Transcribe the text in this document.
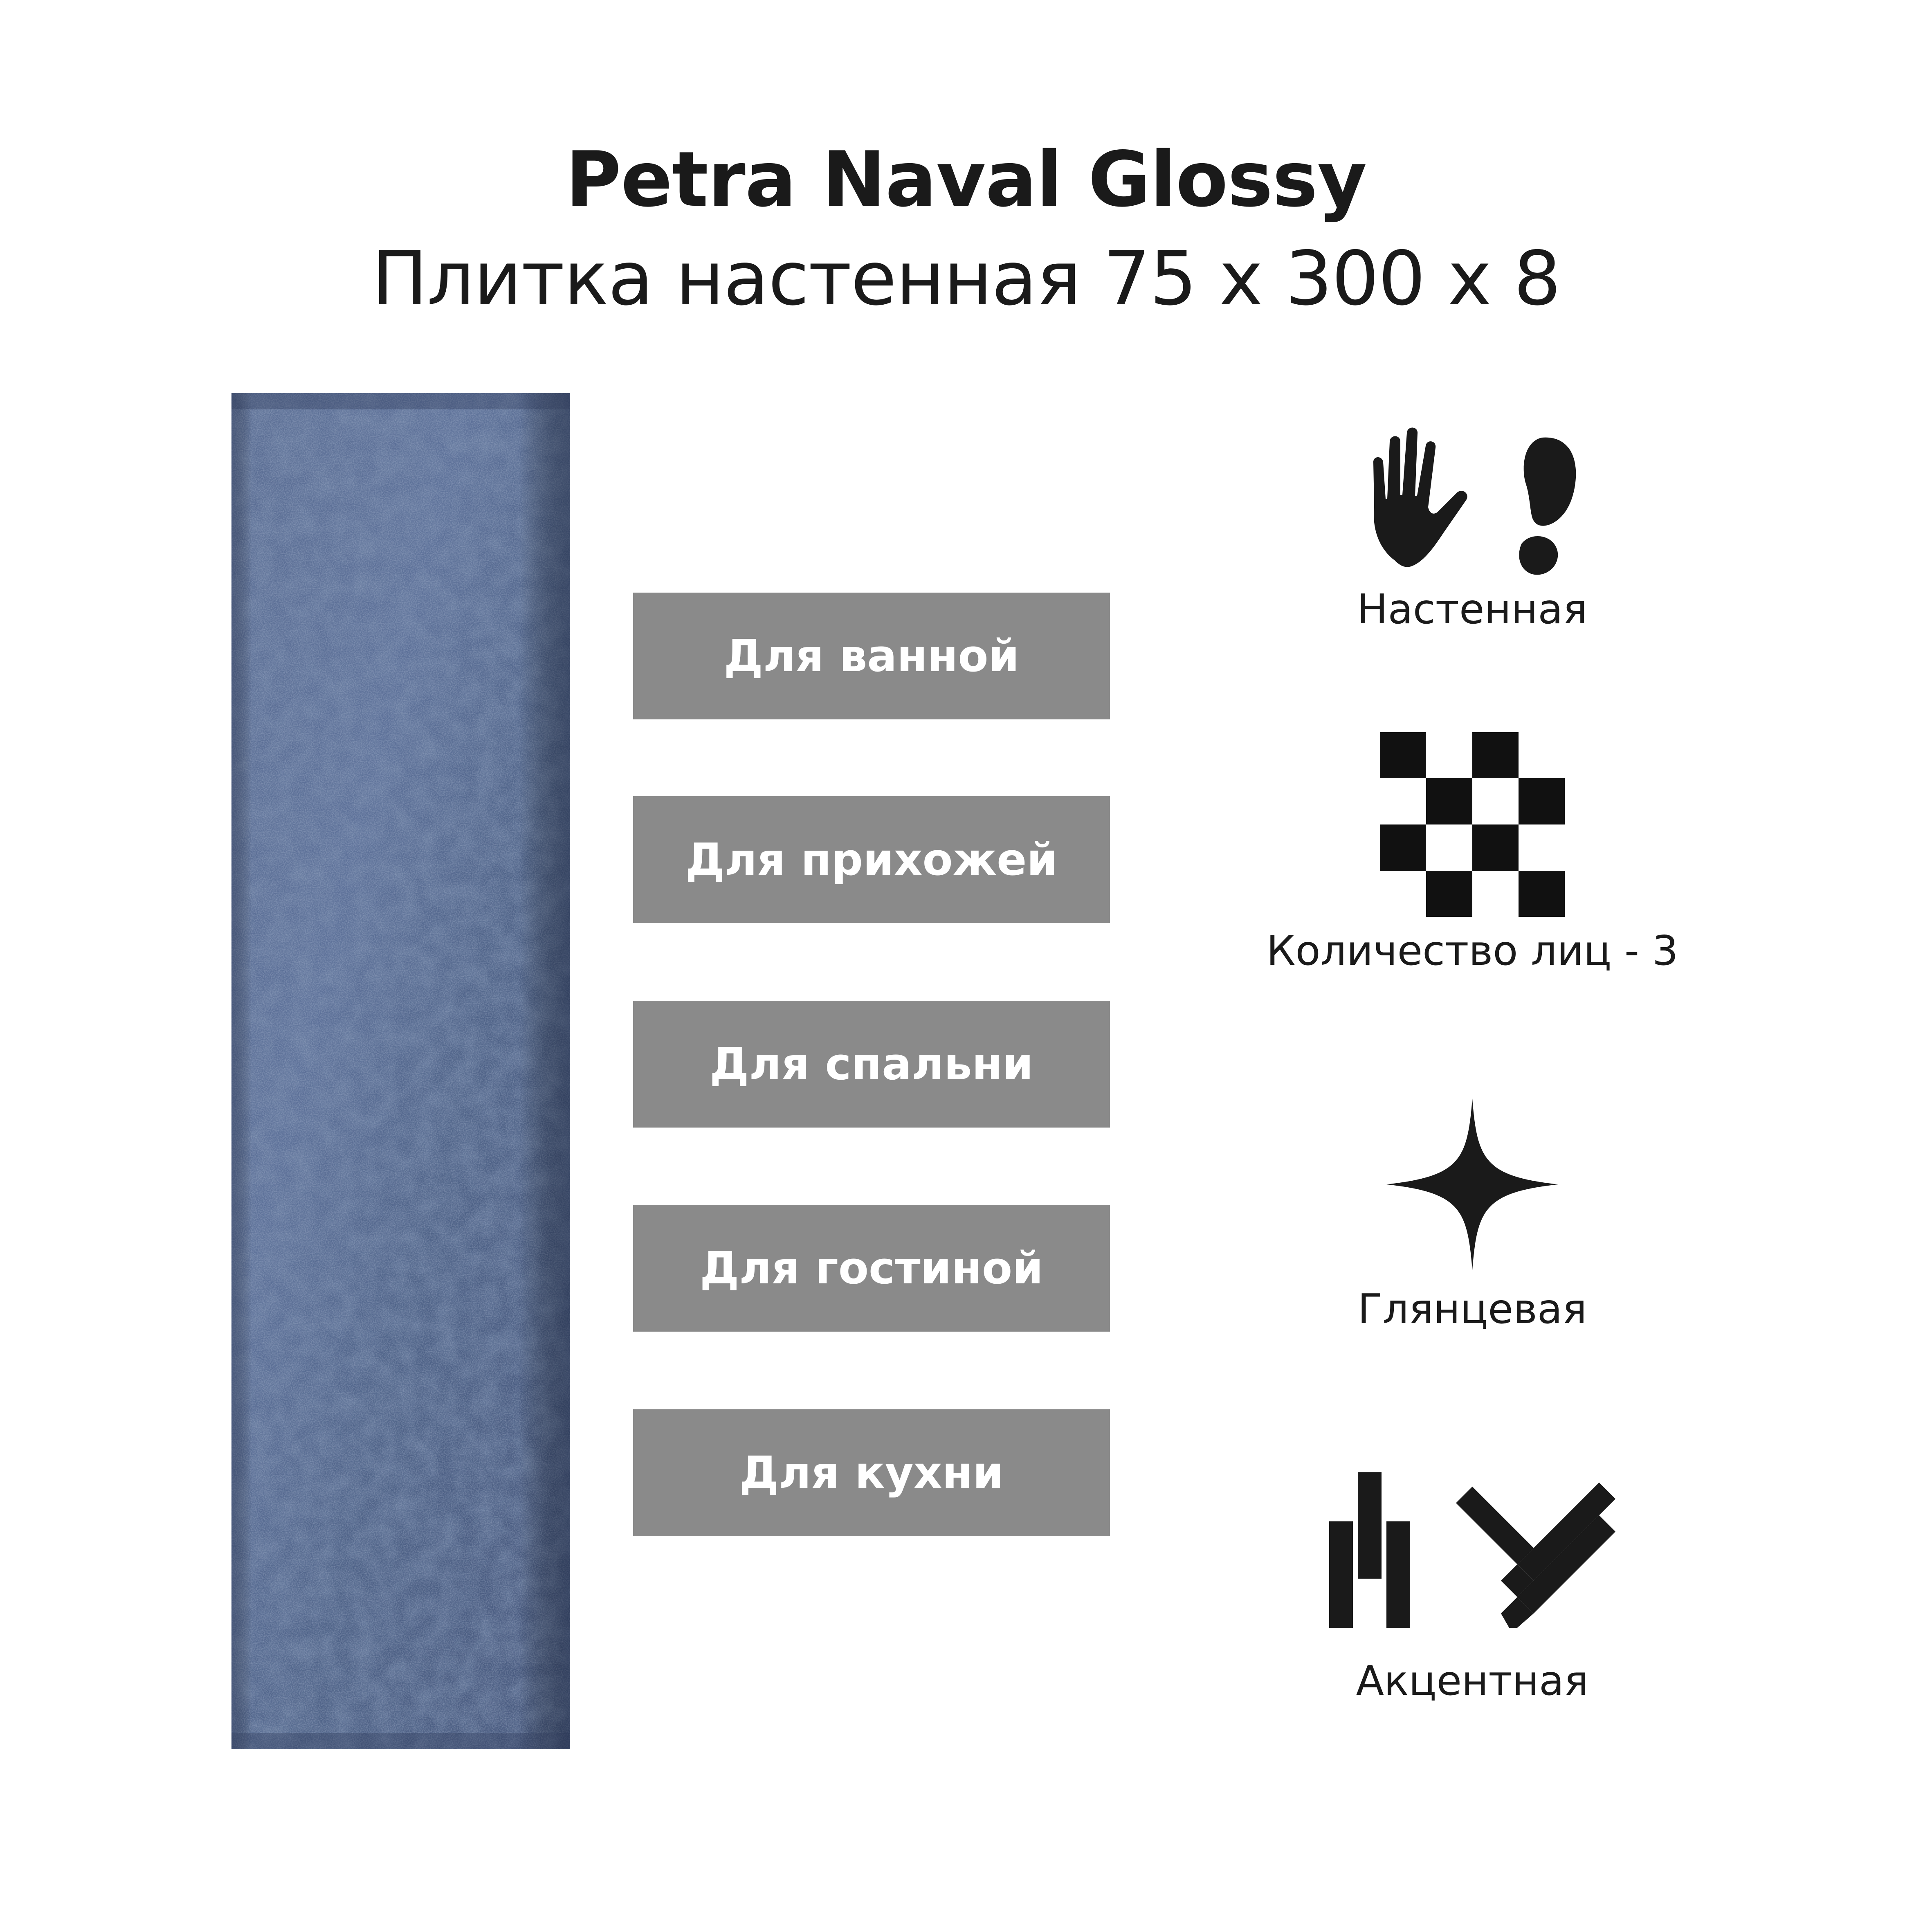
Petra Naval Glossy
Плитка настенная 75 х 300 х 8
Для ванной
Для прихожей
Для спальни
Для гостиной
Для кухни
Настенная
Количество лиц - 3
Глянцевая
Акцентная
